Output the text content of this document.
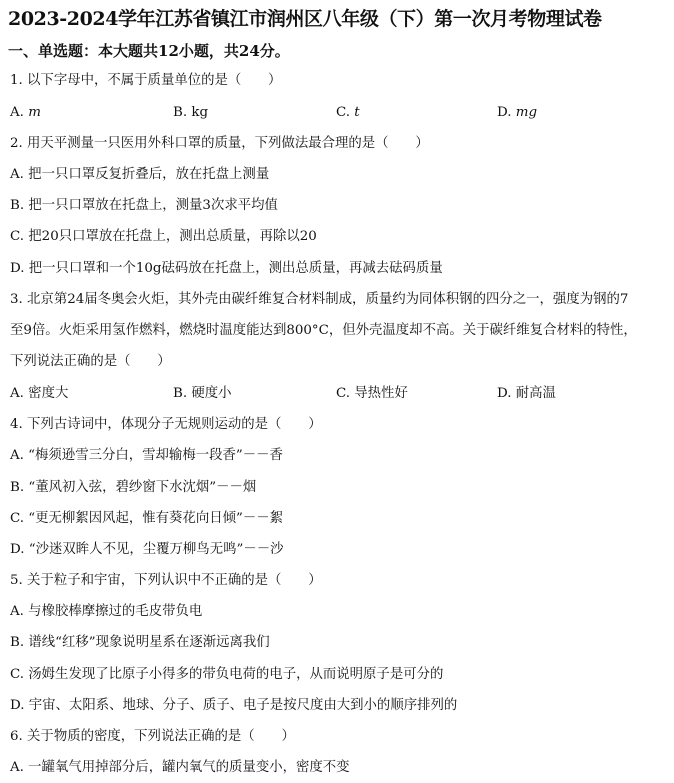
2023-2024学年江苏省镇江市润州区八年级（下）第一次月考物理试卷
一、单选题：本大题共12小题，共24分。
1. 以下字母中，不属于质量单位的是（　　）
A. m	B. kg	C. t	D. mg
2. 用天平测量一只医用外科口罩的质量，下列做法最合理的是（　　）
A. 把一只口罩反复折叠后，放在托盘上测量
B. 把一只口罩放在托盘上，测量3次求平均值
C. 把20只口罩放在托盘上，测出总质量，再除以20
D. 把一只口罩和一个10g砝码放在托盘上，测出总质量，再减去砝码质量
3. 北京第24届冬奥会火炬，其外壳由碳纤维复合材料制成，质量约为同体积钢的四分之一，强度为钢的7
至9倍。火炬采用氢作燃料，燃烧时温度能达到800°C，但外壳温度却不高。关于碳纤维复合材料的特性，
下列说法正确的是（　　）
A. 密度大	B. 硬度小	C. 导热性好	D. 耐高温
4. 下列古诗词中，体现分子无规则运动的是（　　）
A. “梅须逊雪三分白，雪却输梅一段香”－－香
B. “董风初入弦，碧纱窗下水沈烟”－－烟
C. “更无柳絮因风起，惟有葵花向日倾”－－絮
D. “沙迷双眸人不见，尘覆万柳鸟无鸣”－－沙
5. 关于粒子和宇宙，下列认识中不正确的是（　　）
A. 与橡胶棒摩擦过的毛皮带负电
B. 谱线“红移”现象说明星系在逐渐远离我们
C. 汤姆生发现了比原子小得多的带负电荷的电子，从而说明原子是可分的
D. 宇宙、太阳系、地球、分子、质子、电子是按尺度由大到小的顺序排列的
6. 关于物质的密度，下列说法正确的是（　　）
A. 一罐氧气用掉部分后，罐内氧气的质量变小，密度不变
